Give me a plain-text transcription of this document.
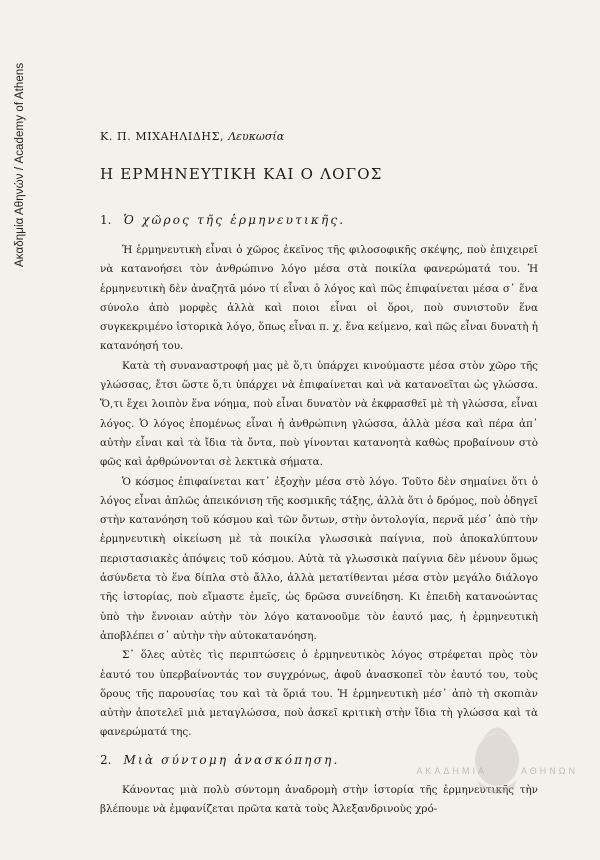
Ακαδημία Αθηνών / Academy of Athens	Κ. Π. ΜΙΧΑΗΛΙΔΗΣ, Λευκωσία
Η ΕΡΜΗΝΕΥΤΙΚΗ ΚΑΙ Ο ΛΟΓΟΣ
1. Ὁ χῶρος τῆς ἑρμηνευτικῆς.

Ἡ ἑρμηνευτικὴ εἶναι ὁ χῶρος ἐκεῖνος τῆς φιλοσοφικῆς σκέψης, ποὺ ἐπιχειρεῖ νὰ κατανοήσει τὸν ἀνθρώπινο λόγο μέσα στὰ ποικίλα φανερώματά του. Ἡ ἑρμηνευτικὴ δὲν ἀναζητᾶ μόνο τί εἶναι ὁ λόγος καὶ πῶς ἐπιφαίνεται μέσα σ᾽ ἕνα σύνολο ἀπὸ μορφὲς ἀλλὰ καὶ ποιοι εἶναι οἱ ὅροι, ποὺ συνιστοῦν ἕνα συγκεκριμένο ἱστορικὰ λόγο, ὅπως εἶναι π. χ. ἕνα κείμενο, καὶ πῶς εἶναι δυνατὴ ἡ κατανόησή του.

Κατὰ τὴ συναναστροφή μας μὲ ὅ,τι ὑπάρχει κινούμαστε μέσα στὸν χῶρο τῆς γλώσσας, ἔτσι ὥστε ὅ,τι ὑπάρχει νὰ ἐπιφαίνεται καὶ νὰ κατανοεῖται ὡς γλώσσα. Ὅ,τι ἔχει λοιπὸν ἕνα νόημα, ποὺ εἶναι δυνατὸν νὰ ἐκφρασθεῖ μὲ τὴ γλώσσα, εἶναι λόγος. Ὁ λόγος ἑπομένως εἶναι ἡ ἀνθρώπινη γλώσσα, ἀλλὰ μέσα καὶ πέρα ἀπ᾽ αὐτὴν εἶναι καὶ τὰ ἴδια τὰ ὄντα, ποὺ γίνονται κατανοητὰ καθὼς προβαίνουν στὸ φῶς καὶ ἀρθρώνονται σὲ λεκτικὰ σήματα.

Ὁ κόσμος ἐπιφαίνεται κατ᾽ ἐξοχὴν μέσα στὸ λόγο. Τοῦτο δὲν σημαίνει ὅτι ὁ λόγος εἶναι ἁπλῶς ἀπεικόνιση τῆς κοσμικῆς τάξης, ἀλλὰ ὅτι ὁ δρόμος, ποὺ ὁδηγεῖ στὴν κατανόηση τοῦ κόσμου καὶ τῶν ὄντων, στὴν ὀντολογία, περνᾶ μέσ᾽ ἀπὸ τὴν ἑρμηνευτικὴ οἰκείωση μὲ τὰ ποικίλα γλωσσικὰ παίγνια, ποὺ ἀποκαλύπτουν περιστασιακὲς ἀπόψεις τοῦ κόσμου. Αὐτὰ τὰ γλωσσικὰ παίγνια δὲν μένουν ὅμως ἀσύνδετα τὸ ἕνα δίπλα στὸ ἄλλο, ἀλλὰ μετατίθενται μέσα στὸν μεγάλο διάλογο τῆς ἱστορίας, ποὺ εἴμαστε ἐμεῖς, ὡς δρῶσα συνείδηση. Κι ἐπειδὴ κατανοώντας ὑπὸ τὴν ἔννοιαν αὐτὴν τὸν λόγο κατανοοῦμε τὸν ἑαυτό μας, ἡ ἑρμηνευτικὴ ἀποβλέπει σ᾽ αὐτὴν τὴν αὐτοκατανόηση.

Σ᾽ ὅλες αὐτὲς τὶς περιπτώσεις ὁ ἑρμηνευτικὸς λόγος στρέφεται πρὸς τὸν ἑαυτό του ὑπερβαίνοντάς τον συγχρόνως, ἀφοῦ ἀνασκοπεῖ τὸν ἑαυτό του, τοὺς ὅρους τῆς παρουσίας του καὶ τὰ ὅριά του. Ἡ ἑρμηνευτικὴ μέσ᾽ ἀπὸ τὴ σκοπιὰν αὐτὴν ἀποτελεῖ μιὰ μεταγλώσσα, ποὺ ἀσκεῖ κριτικὴ στὴν ἴδια τὴ γλώσσα καὶ τὰ φανερώματά της.

2. Μιὰ σύντομη ἀνασκόπηση.

Κάνοντας μιὰ πολὺ σύντομη ἀναδρομὴ στὴν ἱστορία τῆς ἑρμηνευτικῆς τὴν βλέπουμε νὰ ἐμφανίζεται πρῶτα κατὰ τοὺς Ἀλεξανδρινοὺς χρό-

ΑΚΑΔΗΜΙΑ	ΑΘΗΝΩΝ
